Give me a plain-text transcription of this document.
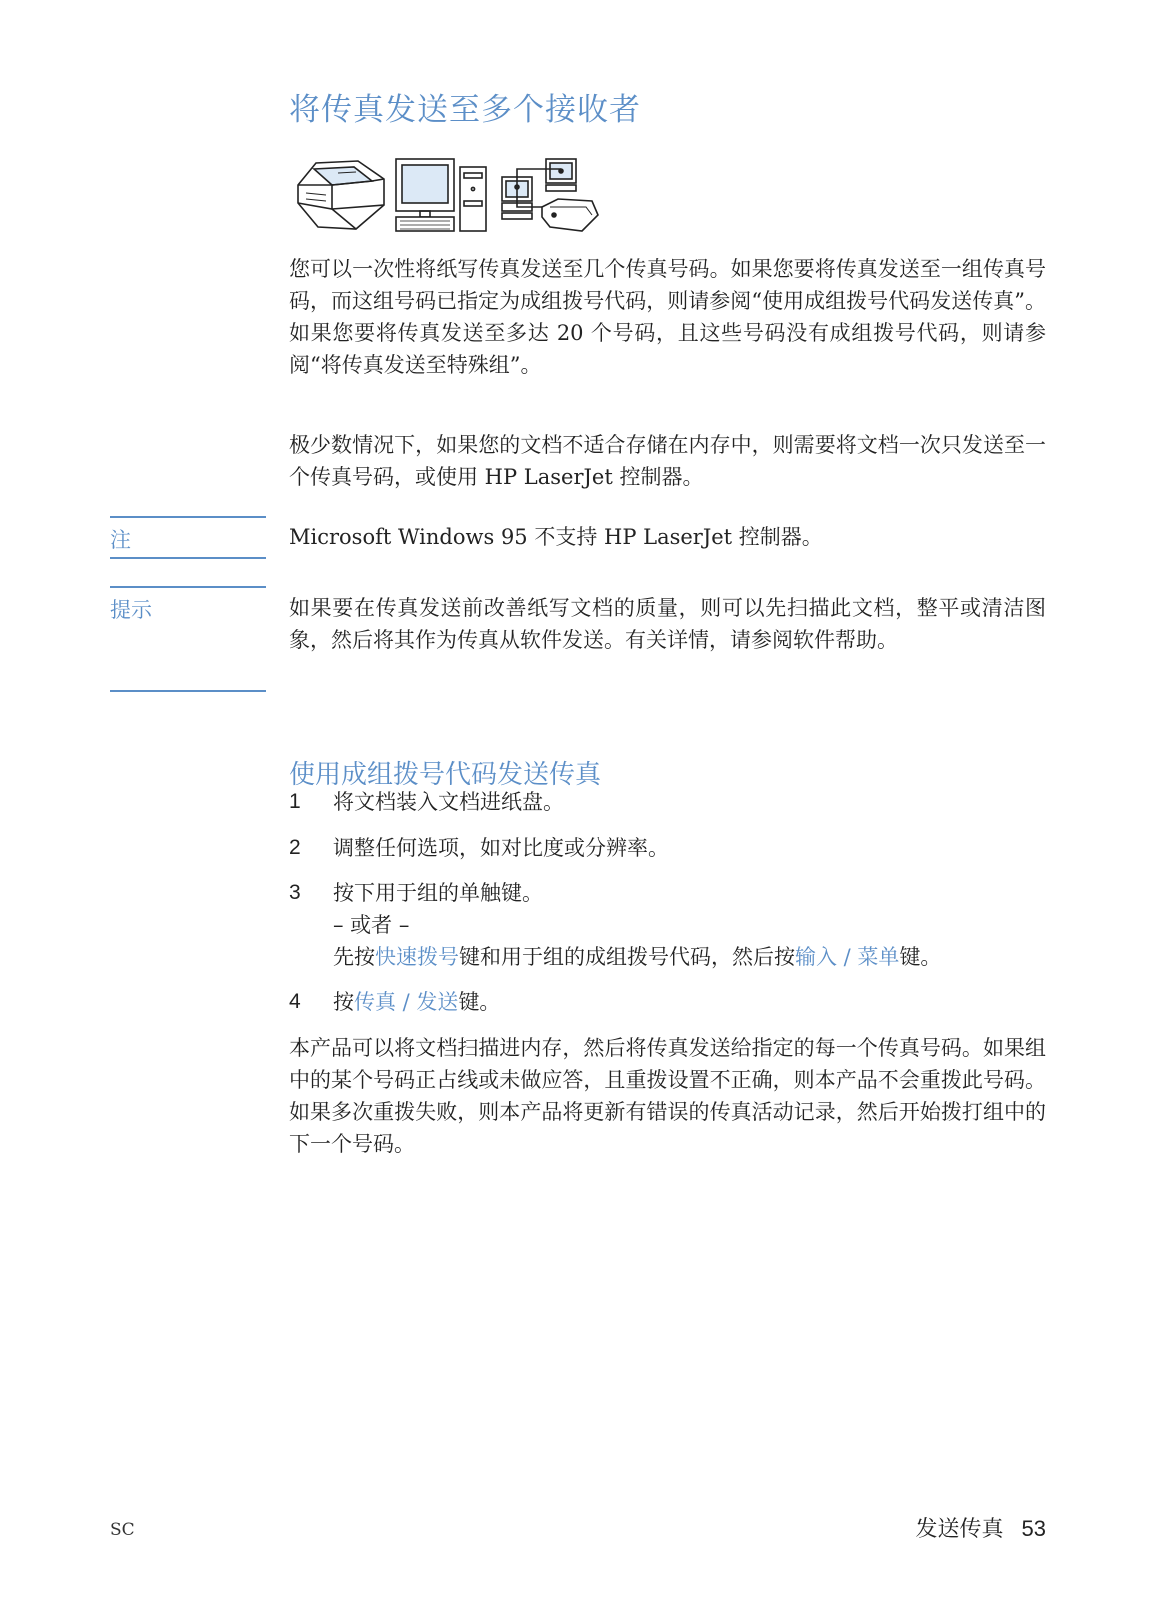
将传真发送至多个接收者
您可以一次性将纸写传真发送至几个传真号码。如果您要将传真发送至一组传真号码，而这组号码已指定为成组拨号代码，则请参阅“使用成组拨号代码发送传真”。如果您要将传真发送至多达 20 个号码，且这些号码没有成组拨号代码，则请参阅“将传真发送至特殊组”。
极少数情况下，如果您的文档不适合存储在内存中，则需要将文档一次只发送至一个传真号码，或使用 HP LaserJet 控制器。
注	Microsoft Windows 95 不支持 HP LaserJet 控制器。
提示	如果要在传真发送前改善纸写文档的质量，则可以先扫描此文档，整平或清洁图象，然后将其作为传真从软件发送。有关详情，请参阅软件帮助。
使用成组拨号代码发送传真
1	将文档装入文档进纸盘。
2	调整任何选项，如对比度或分辨率。
3	按下用于组的单触键。
– 或者 –
先按快速拨号键和用于组的成组拨号代码，然后按输入 / 菜单键。
4	按传真 / 发送键。
本产品可以将文档扫描进内存，然后将传真发送给指定的每一个传真号码。如果组中的某个号码正占线或未做应答，且重拨设置不正确，则本产品不会重拨此号码。如果多次重拨失败，则本产品将更新有错误的传真活动记录，然后开始拨打组中的下一个号码。
SC	发送传真 53
